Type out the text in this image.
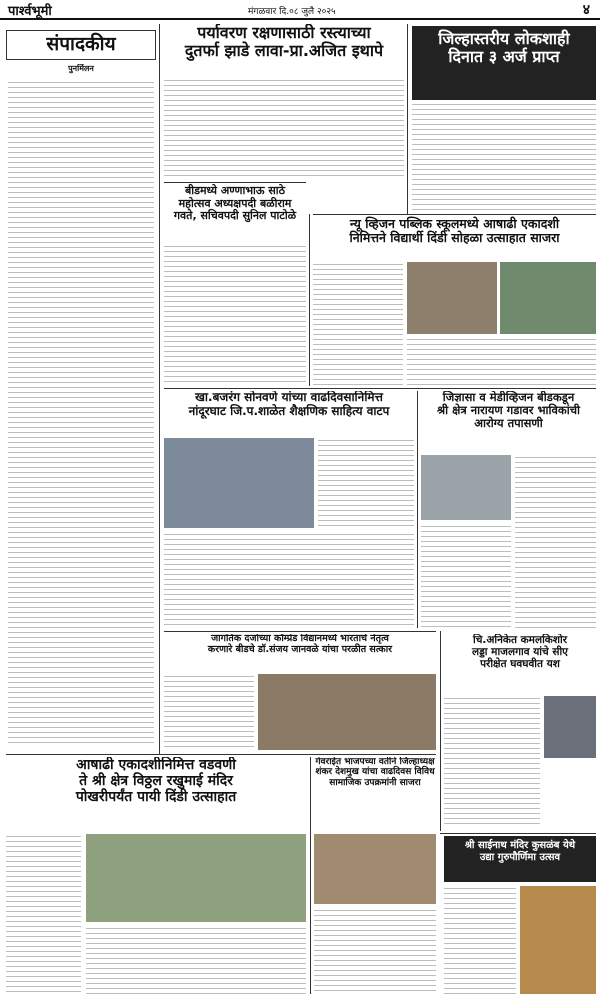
पार्श्वभूमी	मंगळवार दि.०८ जुलै २०२५	४
संपादकीय
पुनर्मिलन
पर्यावरण रक्षणासाठी रस्त्याच्या
दुतर्फा झाडे लावा-प्रा.अजित इथापे
जिल्हास्तरीय लोकशाही
दिनात ३ अर्ज प्राप्त
बीडमध्ये अण्णाभाऊ साठे
महोत्सव अध्यक्षपदी बळीराम
गवते, सचिवपदी सुनिल पाटोळे
न्यू व्हिजन पब्लिक स्कूलमध्ये आषाढी एकादशी
निमित्तने विद्यार्थी दिंडी सोहळा उत्साहात साजरा
खा.बजरंग सोनवणे यांच्या वाढदिवसानिमित्त
नांदूरघाट जि.प.शाळेत शैक्षणिक साहित्य वाटप
जिज्ञासा व मेडीव्हिजन बीडकडून
श्री क्षेत्र नारायण गडावर भाविकांची
आरोग्य तपासणी
जागतिक दर्जाच्या कॉम्प्रेड विद्यानमध्ये भारताचे नेतृत्व
करणारे बीडचे डॉ.संजय जानवळे यांचा परळीत सत्कार
चि.अनिकेत कमलकिशोर
लड्डा माजलगाव यांचे सीए
परीक्षेत घवघवीत यश
आषाढी एकादशीनिमित्त वडवणी
ते श्री क्षेत्र विठ्ठल रखुमाई मंदिर
पोखरीपर्यंत पायी दिंडी उत्साहात
गेवराईत भाजपच्या वतीने जिल्हाध्यक्ष
शंकर देशमुख यांचा वाढदिवस विविध
सामाजिक उपक्रमांनी साजरा
श्री साईनाथ मंदिर कुसळंब येथे
उद्या गुरुपौर्णिमा उत्सव
